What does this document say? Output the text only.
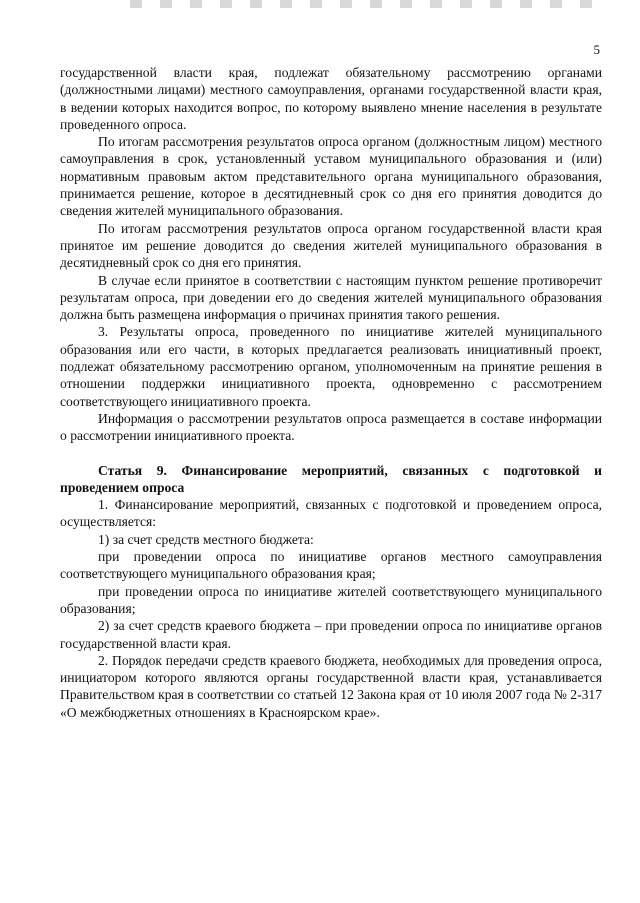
5

государственной власти края, подлежат обязательному рассмотрению органами (должностными лицами) местного самоуправления, органами государственной власти края, в ведении которых находится вопрос, по которому выявлено мнение населения в результате проведенного опроса.

По итогам рассмотрения результатов опроса органом (должностным лицом) местного самоуправления в срок, установленный уставом муниципального образования и (или) нормативным правовым актом представительного органа муниципального образования, принимается решение, которое в десятидневный срок со дня его принятия доводится до сведения жителей муниципального образования.

По итогам рассмотрения результатов опроса органом государственной власти края принятое им решение доводится до сведения жителей муниципального образования в десятидневный срок со дня его принятия.

В случае если принятое в соответствии с настоящим пунктом решение противоречит результатам опроса, при доведении его до сведения жителей муниципального образования должна быть размещена информация о причинах принятия такого решения.

3. Результаты опроса, проведенного по инициативе жителей муниципального образования или его части, в которых предлагается реализовать инициативный проект, подлежат обязательному рассмотрению органом, уполномоченным на принятие решения в отношении поддержки инициативного проекта, одновременно с рассмотрением соответствующего инициативного проекта.

Информация о рассмотрении результатов опроса размещается в составе информации о рассмотрении инициативного проекта.

Статья 9. Финансирование мероприятий, связанных с подготовкой и проведением опроса

1. Финансирование мероприятий, связанных с подготовкой и проведением опроса, осуществляется:

1) за счет средств местного бюджета:

при проведении опроса по инициативе органов местного самоуправления соответствующего муниципального образования края;

при проведении опроса по инициативе жителей соответствующего муниципального образования;

2) за счет средств краевого бюджета – при проведении опроса по инициативе органов государственной власти края.

2. Порядок передачи средств краевого бюджета, необходимых для проведения опроса, инициатором которого являются органы государственной власти края, устанавливается Правительством края в соответствии со статьей 12 Закона края от 10 июля 2007 года № 2-317 «О межбюджетных отношениях в Красноярском крае».
